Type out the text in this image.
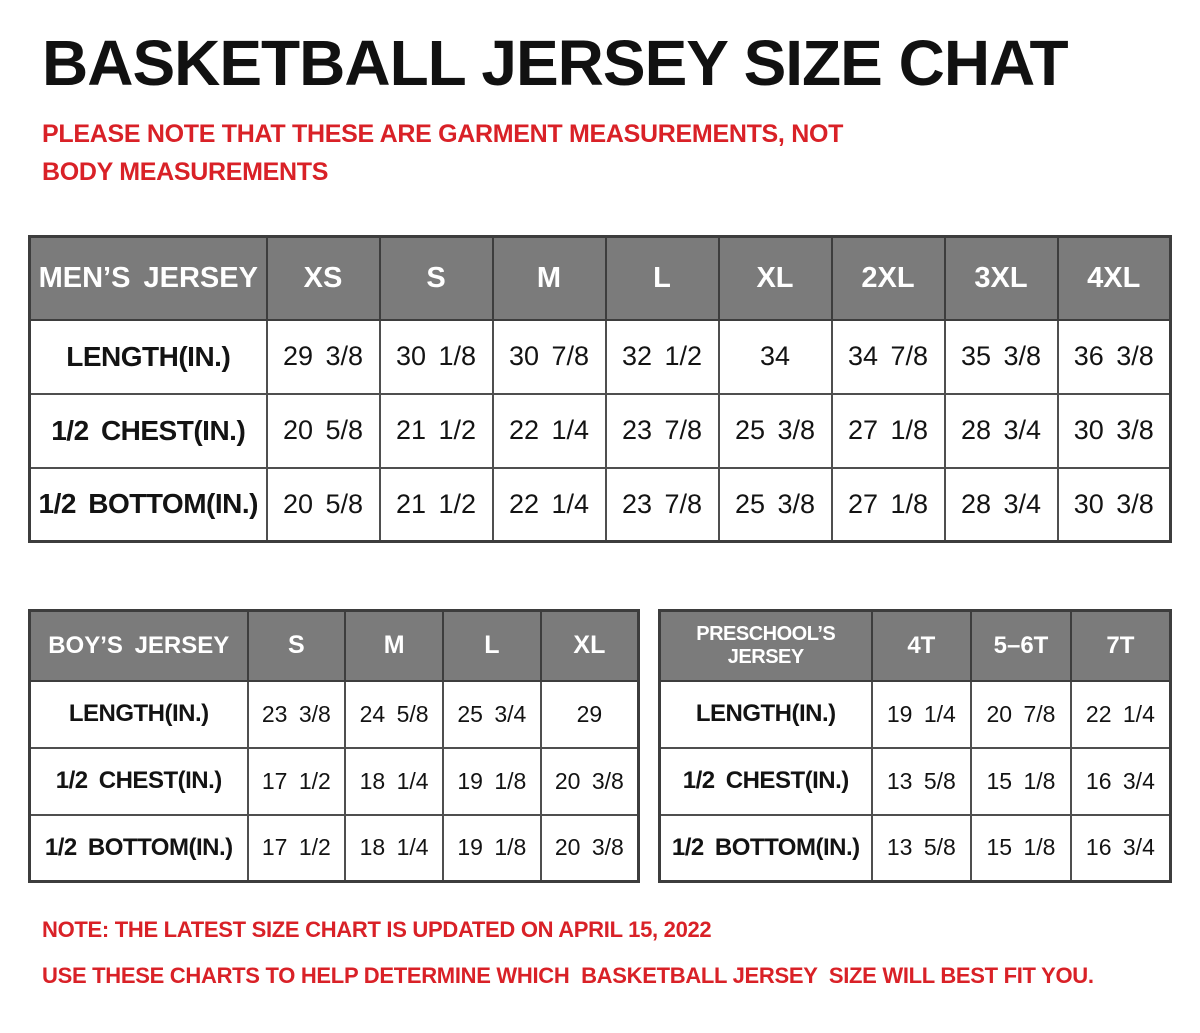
BASKETBALL JERSEY SIZE CHAT
PLEASE NOTE THAT THESE ARE GARMENT MEASUREMENTS, NOT BODY MEASUREMENTS
MEN’S JERSEY	XS	S	M	L	XL	2XL	3XL	4XL
LENGTH(IN.)	29 3/8	30 1/8	30 7/8	32 1/2	34	34 7/8	35 3/8	36 3/8
1/2 CHEST(IN.)	20 5/8	21 1/2	22 1/4	23 7/8	25 3/8	27 1/8	28 3/4	30 3/8
1/2 BOTTOM(IN.)	20 5/8	21 1/2	22 1/4	23 7/8	25 3/8	27 1/8	28 3/4	30 3/8
BOY’S JERSEY	S	M	L	XL
LENGTH(IN.)	23 3/8	24 5/8	25 3/4	29
1/2 CHEST(IN.)	17 1/2	18 1/4	19 1/8	20 3/8
1/2 BOTTOM(IN.)	17 1/2	18 1/4	19 1/8	20 3/8
PRESCHOOL’S JERSEY	4T	5–6T	7T
LENGTH(IN.)	19 1/4	20 7/8	22 1/4
1/2 CHEST(IN.)	13 5/8	15 1/8	16 3/4
1/2 BOTTOM(IN.)	13 5/8	15 1/8	16 3/4
NOTE: THE LATEST SIZE CHART IS UPDATED ON APRIL 15, 2022
USE THESE CHARTS TO HELP DETERMINE WHICH  BASKETBALL JERSEY  SIZE WILL BEST FIT YOU.
